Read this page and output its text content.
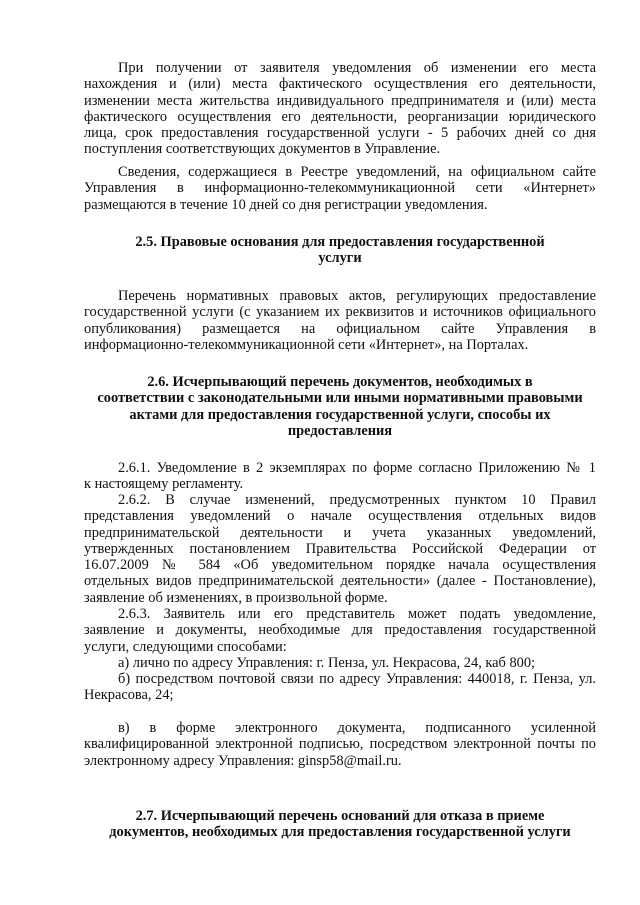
При получении от заявителя уведомления об изменении его места
нахождения и (или) места фактического осуществления его деятельности,
изменении места жительства индивидуального предпринимателя и (или) места
фактического осуществления его деятельности, реорганизации юридического
лица, срок предоставления государственной услуги - 5 рабочих дней со дня
поступления соответствующих документов в Управление.
Сведения, содержащиеся в Реестре уведомлений, на официальном сайте
Управления в информационно-телекоммуникационной сети «Интернет»
размещаются в течение 10 дней со дня регистрации уведомления.
2.5. Правовые основания для предоставления государственной
услуги
Перечень нормативных правовых актов, регулирующих предоставление
государственной услуги (с указанием их реквизитов и источников официального
опубликования) размещается на официальном сайте Управления в
информационно-телекоммуникационной сети «Интернет», на Порталах.
2.6. Исчерпывающий перечень документов, необходимых в
соответствии с законодательными или иными нормативными правовыми
актами для предоставления государственной услуги, способы их
предоставления
2.6.1. Уведомление в 2 экземплярах по форме согласно Приложению № 1
к настоящему регламенту.
2.6.2. В случае изменений, предусмотренных пунктом 10 Правил
представления уведомлений о начале осуществления отдельных видов
предпринимательской деятельности и учета указанных уведомлений,
утвержденных постановлением Правительства Российской Федерации от
16.07.2009 № 584 «Об уведомительном порядке начала осуществления
отдельных видов предпринимательской деятельности» (далее - Постановление),
заявление об изменениях, в произвольной форме.
2.6.3. Заявитель или его представитель может подать уведомление,
заявление и документы, необходимые для предоставления государственной
услуги, следующими способами:
а) лично по адресу Управления: г. Пенза, ул. Некрасова, 24, каб 800;
б) посредством почтовой связи по адресу Управления: 440018, г. Пенза, ул.
Некрасова, 24;
в) в форме электронного документа, подписанного усиленной
квалифицированной электронной подписью, посредством электронной почты по
электронному адресу Управления: ginsp58@mail.ru.
2.7. Исчерпывающий перечень оснований для отказа в приеме
документов, необходимых для предоставления государственной услуги
